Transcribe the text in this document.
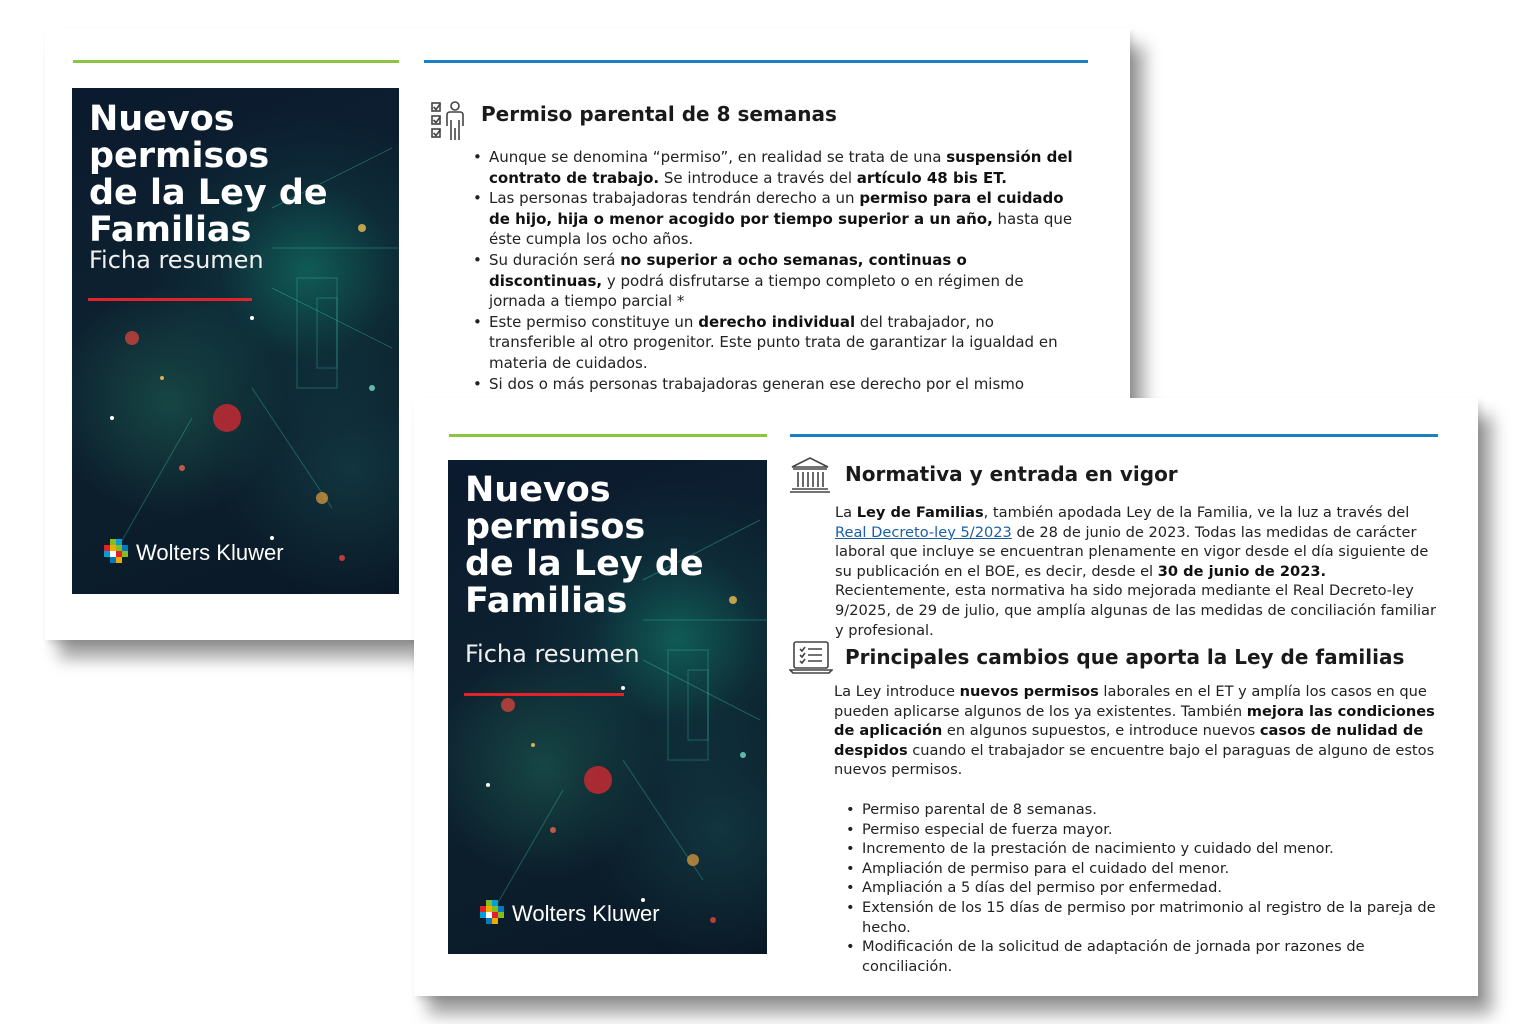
Nuevos permisos
de la Ley de
Familias
Ficha resumen
Wolters Kluwer
Permiso parental de 8 semanas
• Aunque se denomina “permiso”, en realidad se trata de una suspensión del contrato de trabajo. Se introduce a través del artículo 48 bis ET.
• Las personas trabajadoras tendrán derecho a un permiso para el cuidado de hijo, hija o menor acogido por tiempo superior a un año, hasta que éste cumpla los ocho años.
• Su duración será no superior a ocho semanas, continuas o discontinuas, y podrá disfrutarse a tiempo completo o en régimen de jornada a tiempo parcial *
• Este permiso constituye un derecho individual del trabajador, no transferible al otro progenitor. Este punto trata de garantizar la igualdad en materia de cuidados.
• Si dos o más personas trabajadoras generan ese derecho por el mismo
Nuevos permisos
de la Ley de
Familias
Ficha resumen
Wolters Kluwer
Normativa y entrada en vigor

La Ley de Familias, también apodada Ley de la Familia, ve la luz a través del Real Decreto-ley 5/2023 de 28 de junio de 2023. Todas las medidas de carácter laboral que incluye se encuentran plenamente en vigor desde el día siguiente de su publicación en el BOE, es decir, desde el 30 de junio de 2023. Recientemente, esta normativa ha sido mejorada mediante el Real Decreto-ley 9/2025, de 29 de julio, que amplía algunas de las medidas de conciliación familiar y profesional.

Principales cambios que aporta la Ley de familias

La Ley introduce nuevos permisos laborales en el ET y amplía los casos en que pueden aplicarse algunos de los ya existentes. También mejora las condiciones de aplicación en algunos supuestos, e introduce nuevos casos de nulidad de despidos cuando el trabajador se encuentre bajo el paraguas de alguno de estos nuevos permisos.

• Permiso parental de 8 semanas.
• Permiso especial de fuerza mayor.
• Incremento de la prestación de nacimiento y cuidado del menor.
• Ampliación de permiso para el cuidado del menor.
• Ampliación a 5 días del permiso por enfermedad.
• Extensión de los 15 días de permiso por matrimonio al registro de la pareja de hecho.
• Modificación de la solicitud de adaptación de jornada por razones de conciliación.
